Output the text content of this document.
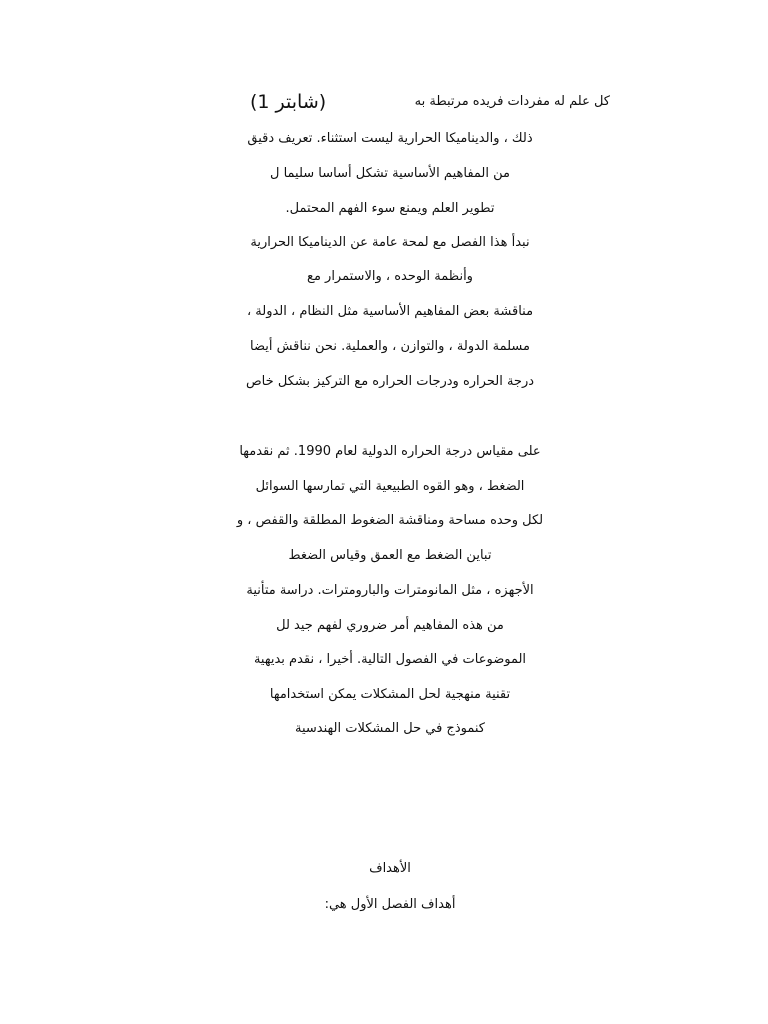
كل علم له مفردات فريده مرتبطة به
(شابتر 1)
ذلك ، والديناميكا الحرارية ليست استثناء. تعريف دقيق
من المفاهيم الأساسية تشكل أساسا سليما ل
تطوير العلم ويمنع سوء الفهم المحتمل.
نبدأ هذا الفصل مع لمحة عامة عن الديناميكا الحرارية
وأنظمة الوحده ، والاستمرار مع
مناقشة بعض المفاهيم الأساسية مثل النظام ، الدولة ،
مسلمة الدولة ، والتوازن ، والعملية. نحن نناقش أيضا
درجة الحراره ودرجات الحراره مع التركيز بشكل خاص
على مقياس درجة الحراره الدولية لعام 1990. ثم نقدمها
الضغط ، وهو القوه الطبيعية التي تمارسها السوائل
لكل وحده مساحة ومناقشة الضغوط المطلقة والقفص ، و
تباين الضغط مع العمق وقياس الضغط
الأجهزه ، مثل المانومترات والبارومترات. دراسة متأنية
من هذه المفاهيم أمر ضروري لفهم جيد لل
الموضوعات في الفصول التالية. أخيرا ، نقدم بديهية
تقنية منهجية لحل المشكلات يمكن استخدامها
كنموذج في حل المشكلات الهندسية
الأهداف
أهداف الفصل الأول هي:
